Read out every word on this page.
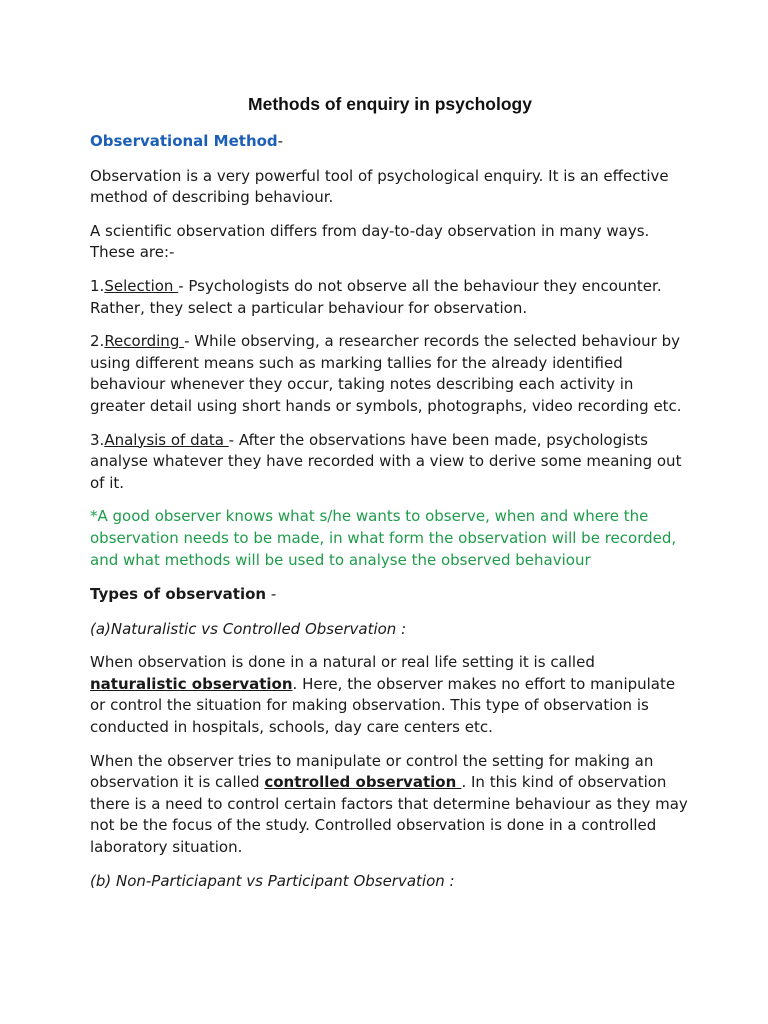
Methods of enquiry in psychology

Observational Method-

Observation is a very powerful tool of psychological enquiry. It is an effective method of describing behaviour.

A scientific observation differs from day-to-day observation in many ways. These are:-

1.Selection - Psychologists do not observe all the behaviour they encounter. Rather, they select a particular behaviour for observation.

2.Recording - While observing, a researcher records the selected behaviour by using different means such as marking tallies for the already identified behaviour whenever they occur, taking notes describing each activity in greater detail using short hands or symbols, photographs, video recording etc.

3.Analysis of data - After the observations have been made, psychologists analyse whatever they have recorded with a view to derive some meaning out of it.

*A good observer knows what s/he wants to observe, when and where the observation needs to be made, in what form the observation will be recorded, and what methods will be used to analyse the observed behaviour

Types of observation -

(a)Naturalistic vs Controlled Observation :

When observation is done in a natural or real life setting it is called naturalistic observation. Here, the observer makes no effort to manipulate or control the situation for making observation. This type of observation is conducted in hospitals, schools, day care centers etc.

When the observer tries to manipulate or control the setting for making an observation it is called controlled observation . In this kind of observation there is a need to control certain factors that determine behaviour as they may not be the focus of the study. Controlled observation is done in a controlled laboratory situation.

(b) Non-Particiapant vs Participant Observation :
